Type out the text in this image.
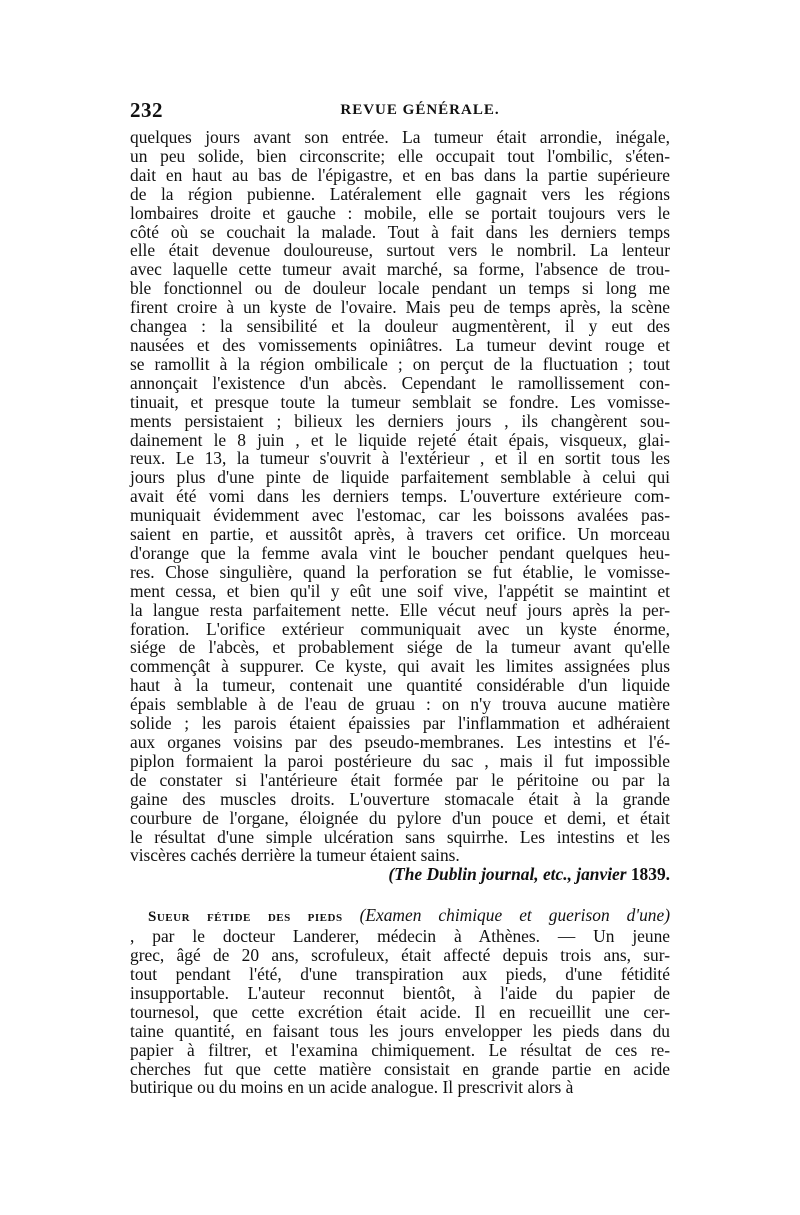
232	REVUE GÉNÉRALE.
quelques jours avant son entrée. La tumeur était arrondie, inégale,
un peu solide, bien circonscrite; elle occupait tout l'ombilic, s'éten-
dait en haut au bas de l'épigastre, et en bas dans la partie supérieure
de la région pubienne. Latéralement elle gagnait vers les régions
lombaires droite et gauche : mobile, elle se portait toujours vers le
côté où se couchait la malade. Tout à fait dans les derniers temps
elle était devenue douloureuse, surtout vers le nombril. La lenteur
avec laquelle cette tumeur avait marché, sa forme, l'absence de trou-
ble fonctionnel ou de douleur locale pendant un temps si long me
firent croire à un kyste de l'ovaire. Mais peu de temps après, la scène
changea : la sensibilité et la douleur augmentèrent, il y eut des
nausées et des vomissements opiniâtres. La tumeur devint rouge et
se ramollit à la région ombilicale ; on perçut de la fluctuation ; tout
annonçait l'existence d'un abcès. Cependant le ramollissement con-
tinuait, et presque toute la tumeur semblait se fondre. Les vomisse-
ments persistaient ; bilieux les derniers jours , ils changèrent sou-
dainement le 8 juin , et le liquide rejeté était épais, visqueux, glai-
reux. Le 13, la tumeur s'ouvrit à l'extérieur , et il en sortit tous les
jours plus d'une pinte de liquide parfaitement semblable à celui qui
avait été vomi dans les derniers temps. L'ouverture extérieure com-
muniquait évidemment avec l'estomac, car les boissons avalées pas-
saient en partie, et aussitôt après, à travers cet orifice. Un morceau
d'orange que la femme avala vint le boucher pendant quelques heu-
res. Chose singulière, quand la perforation se fut établie, le vomisse-
ment cessa, et bien qu'il y eût une soif vive, l'appétit se maintint et
la langue resta parfaitement nette. Elle vécut neuf jours après la per-
foration. L'orifice extérieur communiquait avec un kyste énorme,
siége de l'abcès, et probablement siége de la tumeur avant qu'elle
commençât à suppurer. Ce kyste, qui avait les limites assignées plus
haut à la tumeur, contenait une quantité considérable d'un liquide
épais semblable à de l'eau de gruau : on n'y trouva aucune matière
solide ; les parois étaient épaissies par l'inflammation et adhéraient
aux organes voisins par des pseudo-membranes. Les intestins et l'é-
piplon formaient la paroi postérieure du sac , mais il fut impossible
de constater si l'antérieure était formée par le péritoine ou par la
gaine des muscles droits. L'ouverture stomacale était à la grande
courbure de l'organe, éloignée du pylore d'un pouce et demi, et était
le résultat d'une simple ulcération sans squirrhe. Les intestins et les
viscères cachés derrière la tumeur étaient sains.
(The Dublin journal, etc., janvier 1839.
Sueur fétide des pieds (Examen chimique et guerison d'une)
, par le docteur Landerer, médecin à Athènes. — Un jeune
grec, âgé de 20 ans, scrofuleux, était affecté depuis trois ans, sur-
tout pendant l'été, d'une transpiration aux pieds, d'une fétidité
insupportable. L'auteur reconnut bientôt, à l'aide du papier de
tournesol, que cette excrétion était acide. Il en recueillit une cer-
taine quantité, en faisant tous les jours envelopper les pieds dans du
papier à filtrer, et l'examina chimiquement. Le résultat de ces re-
cherches fut que cette matière consistait en grande partie en acide
butirique ou du moins en un acide analogue. Il prescrivit alors à
